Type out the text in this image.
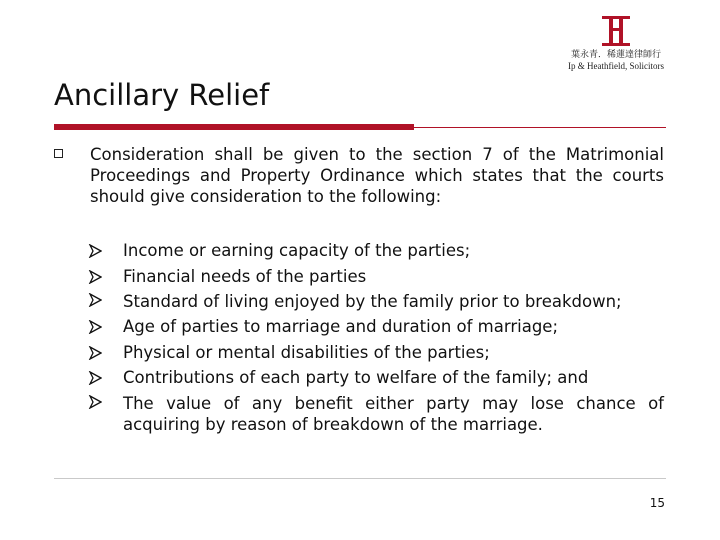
葉永青．稀蓮達律師行
Ip & Heathfield, Solicitors
Ancillary Relief
Consideration shall be given to the section 7 of the Matrimonial Proceedings and Property Ordinance which states that the courts should give consideration to the following:
Income or earning capacity of the parties;
Financial needs of the parties
Standard of living enjoyed by the family prior to breakdown;
Age of parties to marriage and duration of marriage;
Physical or mental disabilities of the parties;
Contributions of each party to welfare of the family; and
The value of any benefit either party may lose chance of acquiring by reason of breakdown of the marriage.
15
